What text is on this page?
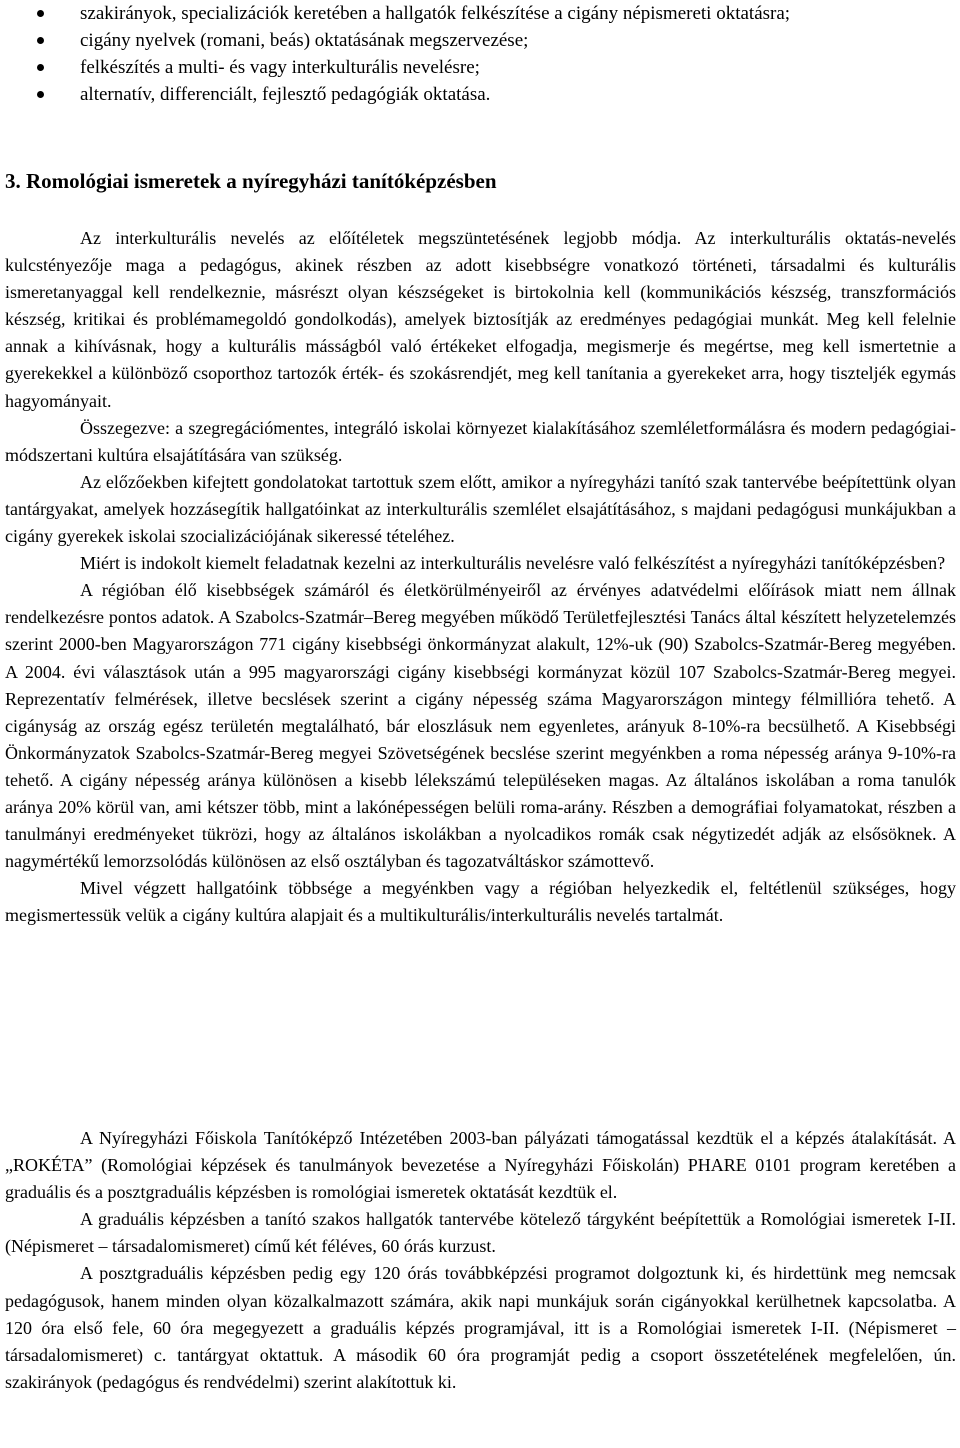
szakirányok, specializációk keretében a hallgatók felkészítése a cigány népismereti oktatásra;
cigány nyelvek (romani, beás) oktatásának megszervezése;
felkészítés a multi- és vagy interkulturális nevelésre;
alternatív, differenciált, fejlesztő pedagógiák oktatása.
3. Romológiai ismeretek a nyíregyházi tanítóképzésben

Az interkulturális nevelés az előítéletek megszüntetésének legjobb módja. Az interkulturális oktatás-nevelés kulcstényezője maga a pedagógus, akinek részben az adott kisebbségre vonatkozó történeti, társadalmi és kulturális ismeretanyaggal kell rendelkeznie, másrészt olyan készségeket is birtokolnia kell (kommunikációs készség, transzformációs készség, kritikai és problémamegoldó gondolkodás), amelyek biztosítják az eredményes pedagógiai munkát. Meg kell felelnie annak a kihívásnak, hogy a kulturális másságból való értékeket elfogadja, megismerje és megértse, meg kell ismertetnie a gyerekekkel a különböző csoporthoz tartozók érték- és szokásrendjét, meg kell tanítania a gyerekeket arra, hogy tiszteljék egymás hagyományait.

Összegezve: a szegregációmentes, integráló iskolai környezet kialakításához szemléletformálásra és modern pedagógiai-módszertani kultúra elsajátítására van szükség.

Az előzőekben kifejtett gondolatokat tartottuk szem előtt, amikor a nyíregyházi tanító szak tantervébe beépítettünk olyan tantárgyakat, amelyek hozzásegítik hallgatóinkat az interkulturális szemlélet elsajátításához, s majdani pedagógusi munkájukban a cigány gyerekek iskolai szocializációjának sikeressé tételéhez.

Miért is indokolt kiemelt feladatnak kezelni az interkulturális nevelésre való felkészítést a nyíregyházi tanítóképzésben?

A régióban élő kisebbségek számáról és életkörülményeiről az érvényes adatvédelmi előírások miatt nem állnak rendelkezésre pontos adatok. A Szabolcs-Szatmár–Bereg megyében működő Területfejlesztési Tanács által készített helyzetelemzés szerint 2000-ben Magyarországon 771 cigány kisebbségi önkormányzat alakult, 12%-uk (90) Szabolcs-Szatmár-Bereg megyében. A 2004. évi választások után a 995 magyarországi cigány kisebbségi kormányzat közül 107 Szabolcs-Szatmár-Bereg megyei. Reprezentatív felmérések, illetve becslések szerint a cigány népesség száma Magyarországon mintegy félmillióra tehető. A cigányság az ország egész területén megtalálható, bár eloszlásuk nem egyenletes, arányuk 8-10%-ra becsülhető. A Kisebbségi Önkormányzatok Szabolcs-Szatmár-Bereg megyei Szövetségének becslése szerint megyénkben a roma népesség aránya 9-10%-ra tehető. A cigány népesség aránya különösen a kisebb lélekszámú településeken magas. Az általános iskolában a roma tanulók aránya 20% körül van, ami kétszer több, mint a lakónépességen belüli roma-arány. Részben a demográfiai folyamatokat, részben a tanulmányi eredményeket tükrözi, hogy az általános iskolákban a nyolcadikos romák csak négytizedét adják az elsősöknek. A nagymértékű lemorzsolódás különösen az első osztályban és tagozatváltáskor számottevő.

Mivel végzett hallgatóink többsége a megyénkben vagy a régióban helyezkedik el, feltétlenül szükséges, hogy megismertessük velük a cigány kultúra alapjait és a multikulturális/interkulturális nevelés tartalmát.

A Nyíregyházi Főiskola Tanítóképző Intézetében 2003-ban pályázati támogatással kezdtük el a képzés átalakítását. A „ROKÉTA” (Romológiai képzések és tanulmányok bevezetése a Nyíregyházi Főiskolán) PHARE 0101 program keretében a graduális és a posztgraduális képzésben is romológiai ismeretek oktatását kezdtük el.

A graduális képzésben a tanító szakos hallgatók tantervébe kötelező tárgyként beépítettük a Romológiai ismeretek I-II. (Népismeret – társadalomismeret) című két féléves, 60 órás kurzust.

A posztgraduális képzésben pedig egy 120 órás továbbképzési programot dolgoztunk ki, és hirdettünk meg nemcsak pedagógusok, hanem minden olyan közalkalmazott számára, akik napi munkájuk során cigányokkal kerülhetnek kapcsolatba. A 120 óra első fele, 60 óra megegyezett a graduális képzés programjával, itt is a Romológiai ismeretek I-II. (Népismeret – társadalomismeret) c. tantárgyat oktattuk. A második 60 óra programját pedig a csoport összetételének megfelelően, ún. szakirányok (pedagógus és rendvédelmi) szerint alakítottuk ki.
